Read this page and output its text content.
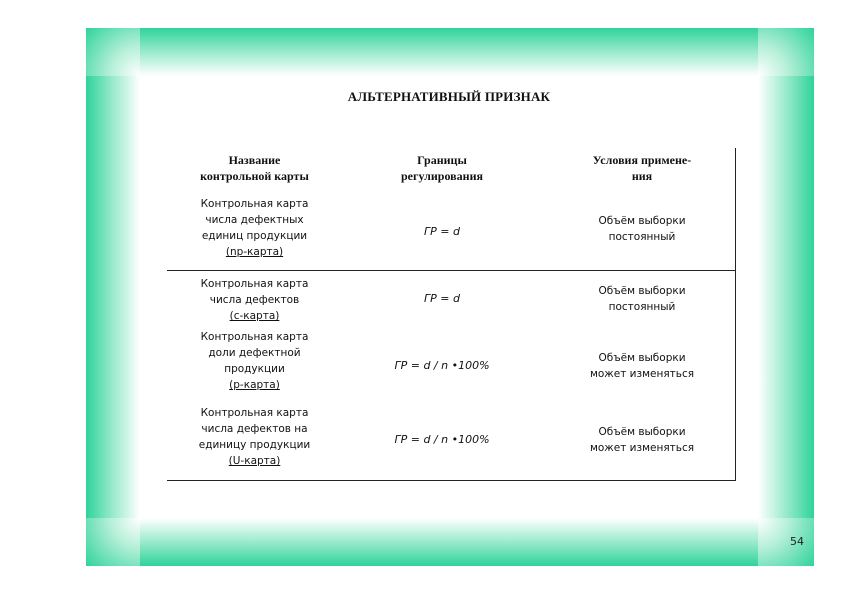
АЛЬТЕРНАТИВНЫЙ ПРИЗНАК
Название
контрольной карты
Границы
регулирования
Условия примене-
ния
Контрольная карта
числа дефектных
единиц продукции
(np-карта)
ГР = d
Объём выборки
постоянный
Контрольная карта
числа дефектов
(c-карта)
ГР = d
Объём выборки
постоянный
Контрольная карта
доли дефектной
продукции
(p-карта)
ГР = d / n •100%
Объём выборки
может изменяться
Контрольная карта
числа дефектов на
единицу продукции
(U-карта)
ГР = d / n •100%
Объём выборки
может изменяться
54
